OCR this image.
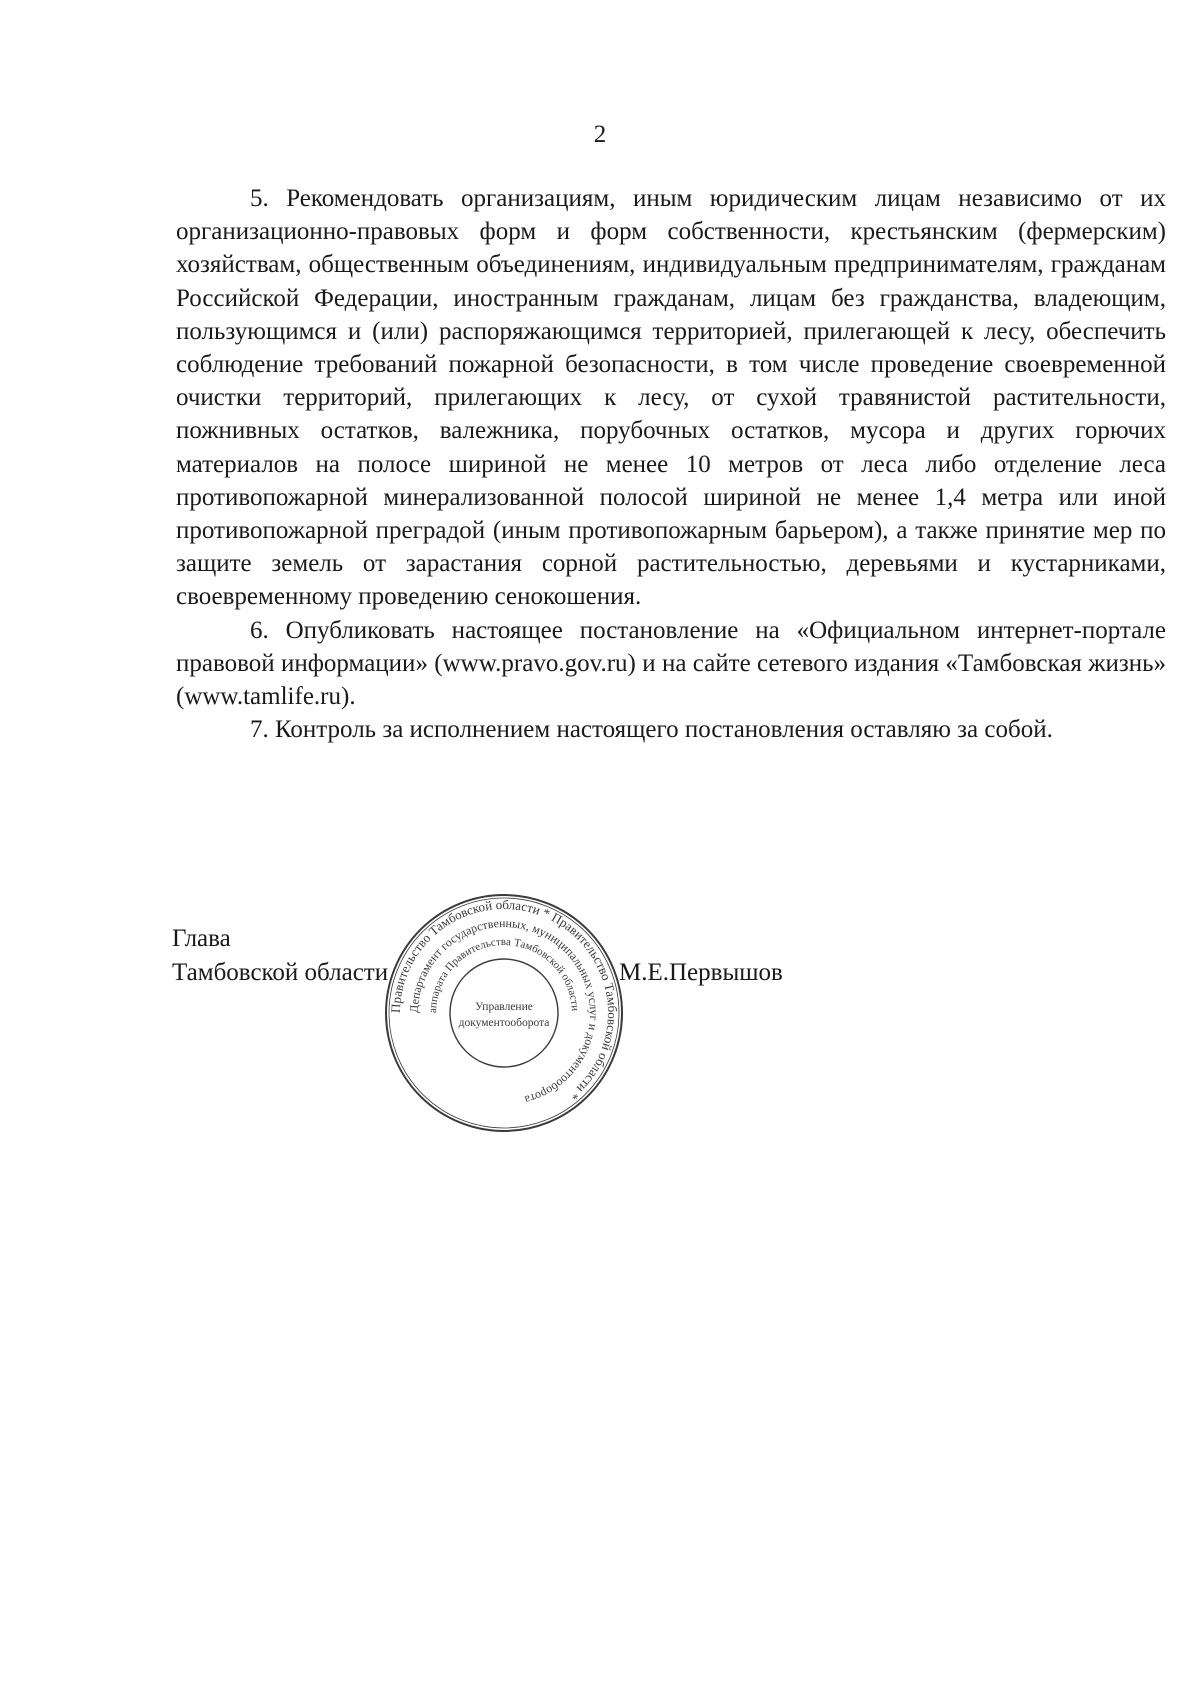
2

5. Рекомендовать организациям, иным юридическим лицам независимо от их организационно-правовых форм и форм собственности, крестьянским (фермерским) хозяйствам, общественным объединениям, индивидуальным предпринимателям, гражданам Российской Федерации, иностранным гражданам, лицам без гражданства, владеющим, пользующимся и (или) распоряжающимся территорией, прилегающей к лесу, обеспечить соблюдение требований пожарной безопасности, в том числе проведение своевременной очистки территорий, прилегающих к лесу, от сухой травянистой растительности, пожнивных остатков, валежника, порубочных остатков, мусора и других горючих материалов на полосе шириной не менее 10 метров от леса либо отделение леса противопожарной минерализованной полосой шириной не менее 1,4 метра или иной противопожарной преградой (иным противопожарным барьером), а также принятие мер по защите земель от зарастания сорной растительностью, деревьями и кустарниками, своевременному проведению сенокошения.

6. Опубликовать настоящее постановление на «Официальном интернет-портале правовой информации» (www.pravo.gov.ru) и на сайте сетевого издания «Тамбовская жизнь» (www.tamlife.ru).

7. Контроль за исполнением настоящего постановления оставляю за собой.

Глава
Тамбовской области	М.Е.Первышов
Правительство Тамбовской области * Правительство Тамбовской области *
Департамент государственных, муниципальных услуг и документооборота
аппарата Правительства Тамбовской области
Управление
документооборота
